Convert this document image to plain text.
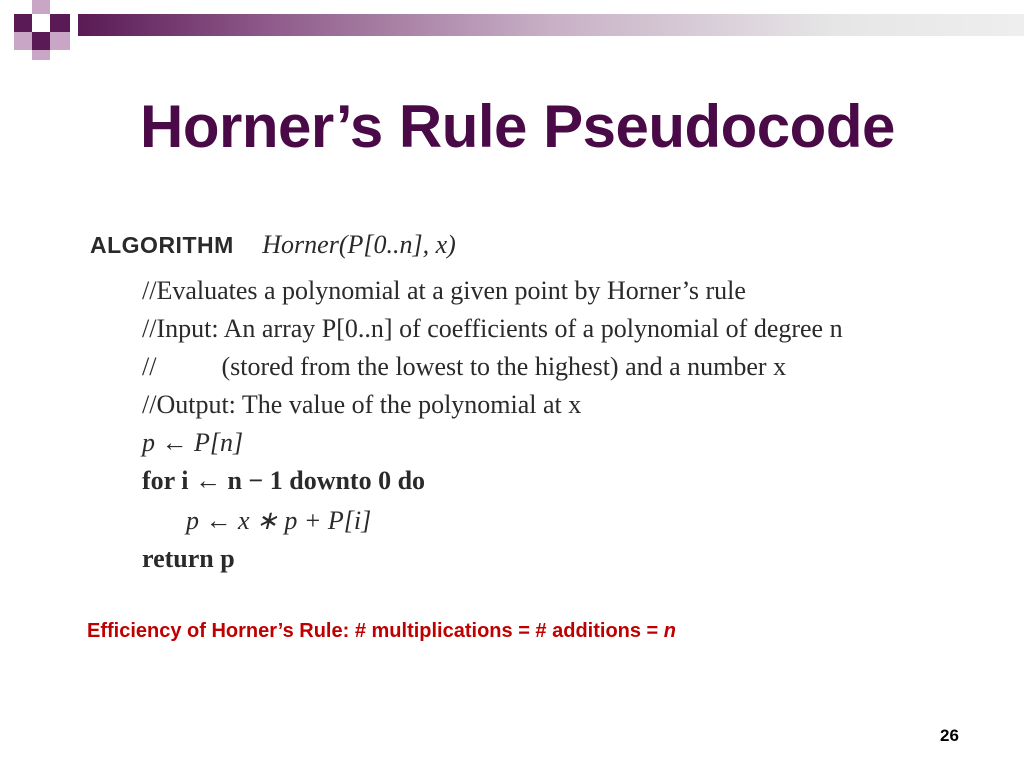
Horner’s Rule Pseudocode
ALGORITHM Horner(P[0..n], x)
//Evaluates a polynomial at a given point by Horner’s rule
//Input: An array P[0..n] of coefficients of a polynomial of degree n
//          (stored from the lowest to the highest) and a number x
//Output: The value of the polynomial at x
p ← P[n]
for i ← n − 1 downto 0 do
p ← x ∗ p + P[i]
return p
Efficiency of Horner’s Rule: # multiplications = # additions = n
26
